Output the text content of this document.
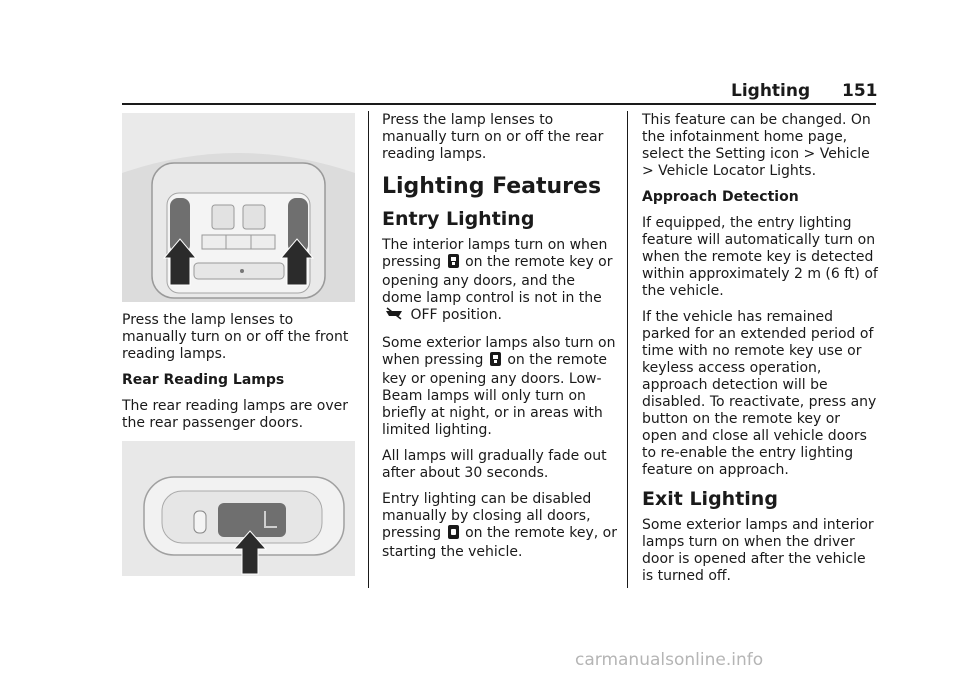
Lighting 151

Press the lamp lenses to manually turn on or off the front reading lamps.

Rear Reading Lamps

The rear reading lamps are over the rear passenger doors.

Press the lamp lenses to manually turn on or off the rear reading lamps.

Lighting Features
Entry Lighting

The interior lamps turn on when pressing on the remote key or opening any doors, and the dome lamp control is not in the  OFF position.

Some exterior lamps also turn on when pressing on the remote key or opening any doors. Low-Beam lamps will only turn on briefly at night, or in areas with limited lighting.

All lamps will gradually fade out after about 30 seconds.

Entry lighting can be disabled manually by closing all doors, pressing on the remote key, or starting the vehicle.

This feature can be changed. On the infotainment home page, select the Setting icon > Vehicle > Vehicle Locator Lights.

Approach Detection

If equipped, the entry lighting feature will automatically turn on when the remote key is detected within approximately 2 m (6 ft) of the vehicle.

If the vehicle has remained parked for an extended period of time with no remote key use or keyless access operation, approach detection will be disabled. To reactivate, press any button on the remote key or open and close all vehicle doors to re-enable the entry lighting feature on approach.

Exit Lighting

Some exterior lamps and interior lamps turn on when the driver door is opened after the vehicle is turned off.

carmanualsonline.info
